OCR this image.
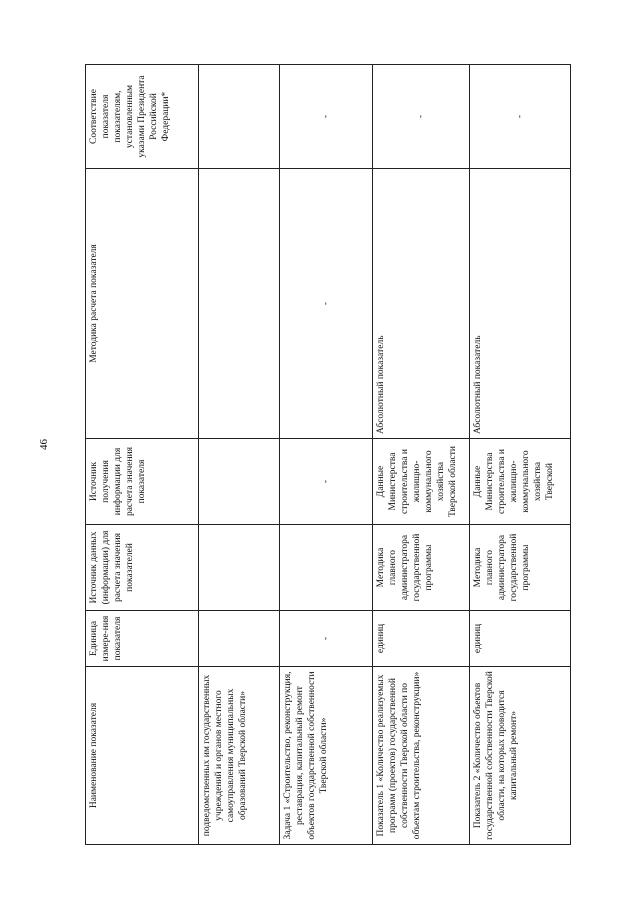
46
Наименование показателя	Единица измере-ния показателя	Источник данных (информации) для расчета значения показателей	Источник получения информации для расчета значения показателя	Методика расчета показателя	Соответствие показателя показателям, установленным указами Президента Российской Федерации*
подведомственных им государственных учреждений и органов местного самоуправления муниципальных образований Тверской области»					
Задача 1 «Строительство, реконструкция, реставрация, капитальный ремонт объектов государственной собственности Тверской области»	-		-	-	-
Показатель 1 «Количество реализуемых программ (проектов) государственной собственности Тверской области по объектам строительства, реконструкции»	единиц	Методика главного администратора государственной программы	Данные Министерства строительства и жилищно-коммунального хозяйства Тверской области	Абсолютный показатель	-
Показатель 2 «Количество объектов государственной собственности Тверской области, на которых проводится капитальный ремонт»	единиц	Методика главного администратора государственной программы	Данные Министерства строительства и жилищно-коммунального хозяйства Тверской	Абсолютный показатель	-
